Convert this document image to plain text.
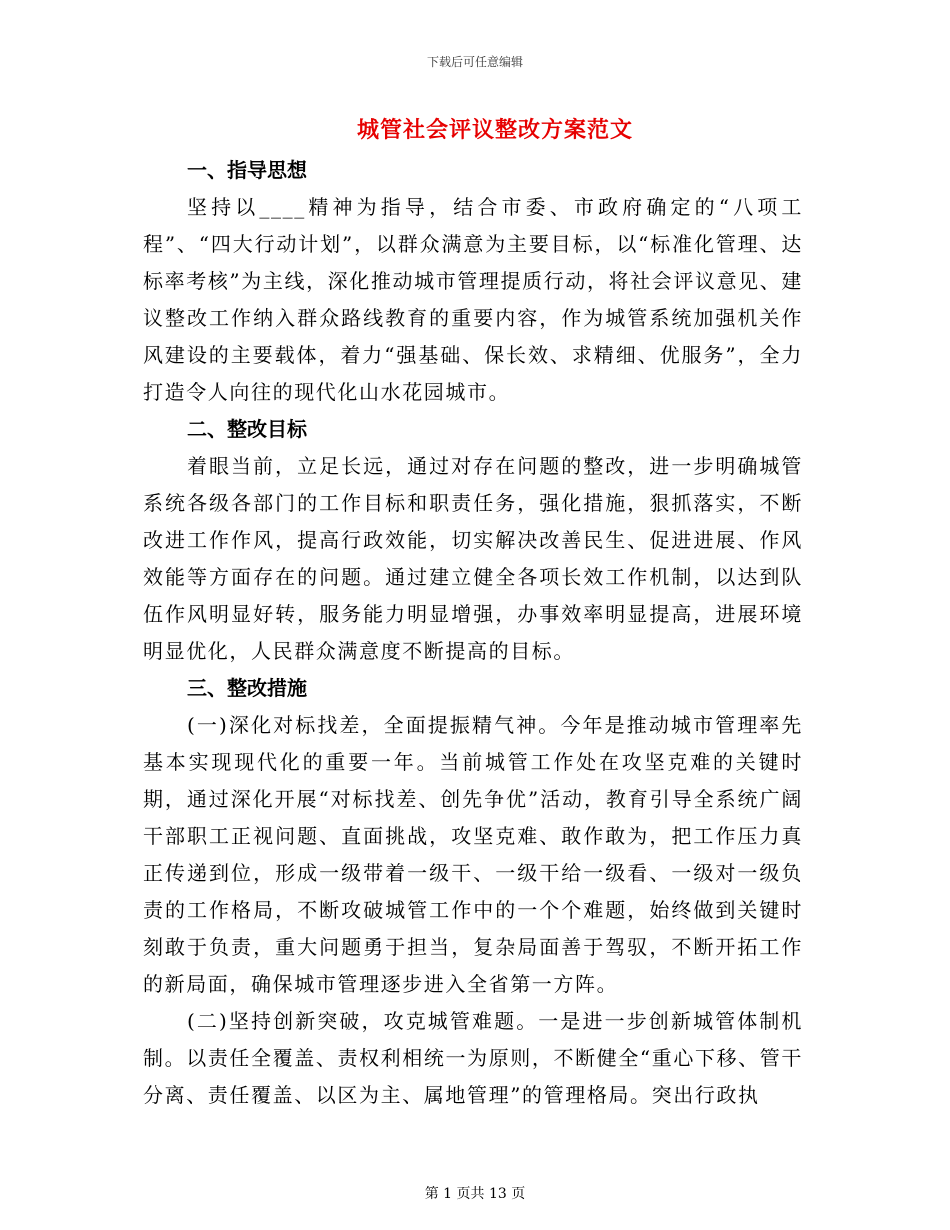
下载后可任意编辑
城管社会评议整改方案范文

一、指导思想

坚持以____精神为指导，结合市委、市政府确定的“八项工程”、“四大行动计划”，以群众满意为主要目标，以“标准化管理、达标率考核”为主线，深化推动城市管理提质行动，将社会评议意见、建议整改工作纳入群众路线教育的重要内容，作为城管系统加强机关作风建设的主要载体，着力“强基础、保长效、求精细、优服务”，全力打造令人向往的现代化山水花园城市。

二、整改目标

着眼当前，立足长远，通过对存在问题的整改，进一步明确城管系统各级各部门的工作目标和职责任务，强化措施，狠抓落实，不断改进工作作风，提高行政效能，切实解决改善民生、促进进展、作风效能等方面存在的问题。通过建立健全各项长效工作机制，以达到队伍作风明显好转，服务能力明显增强，办事效率明显提高，进展环境明显优化，人民群众满意度不断提高的目标。

三、整改措施

(一)深化对标找差，全面提振精气神。今年是推动城市管理率先基本实现现代化的重要一年。当前城管工作处在攻坚克难的关键时期，通过深化开展“对标找差、创先争优”活动，教育引导全系统广阔干部职工正视问题、直面挑战，攻坚克难、敢作敢为，把工作压力真正传递到位，形成一级带着一级干、一级干给一级看、一级对一级负责的工作格局，不断攻破城管工作中的一个个难题，始终做到关键时刻敢于负责，重大问题勇于担当，复杂局面善于驾驭，不断开拓工作的新局面，确保城市管理逐步进入全省第一方阵。

(二)坚持创新突破，攻克城管难题。一是进一步创新城管体制机制。以责任全覆盖、责权利相统一为原则，不断健全“重心下移、管干分离、责任覆盖、以区为主、属地管理”的管理格局。突出行政执

第 1 页共 13 页
